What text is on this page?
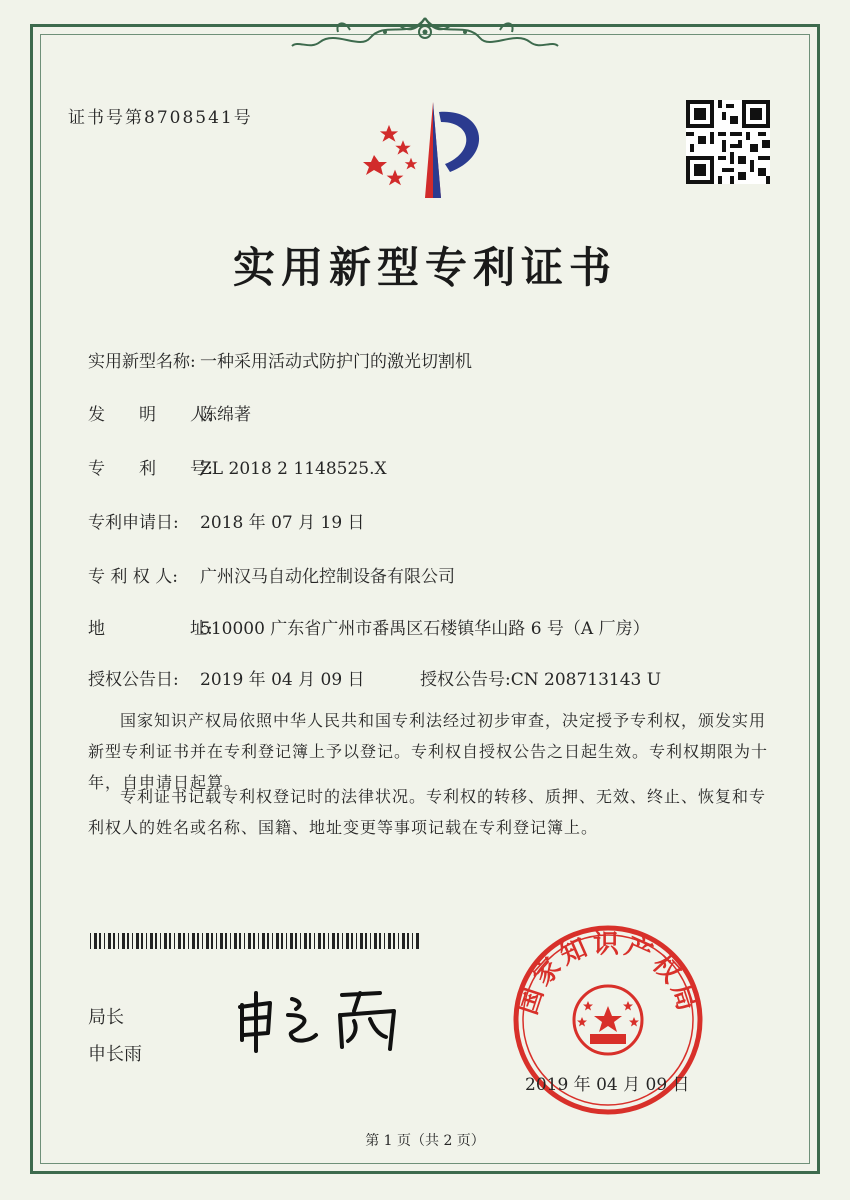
证书号第8708541号
实用新型专利证书
实用新型名称: 一种采用活动式防护门的激光切割机
发　　明　　人:陈绵著
专　　利　　号:ZL 2018 2 1148525.X
专利申请日: 2018 年 07 月 19 日
专 利 权 人: 广州汉马自动化控制设备有限公司
地　　　　　址:510000 广东省广州市番禺区石楼镇华山路 6 号（A 厂房）
授权公告日: 2019 年 04 月 09 日	授权公告号:CN 208713143 U
国家知识产权局依照中华人民共和国专利法经过初步审查，决定授予专利权，颁发实用新型专利证书并在专利登记簿上予以登记。专利权自授权公告之日起生效。专利权期限为十年，自申请日起算。
专利证书记载专利权登记时的法律状况。专利权的转移、质押、无效、终止、恢复和专利权人的姓名或名称、国籍、地址变更等事项记载在专利登记簿上。
局长
申长雨
国家知识产权局
2019 年 04 月 09 日
第 1 页（共 2 页）
